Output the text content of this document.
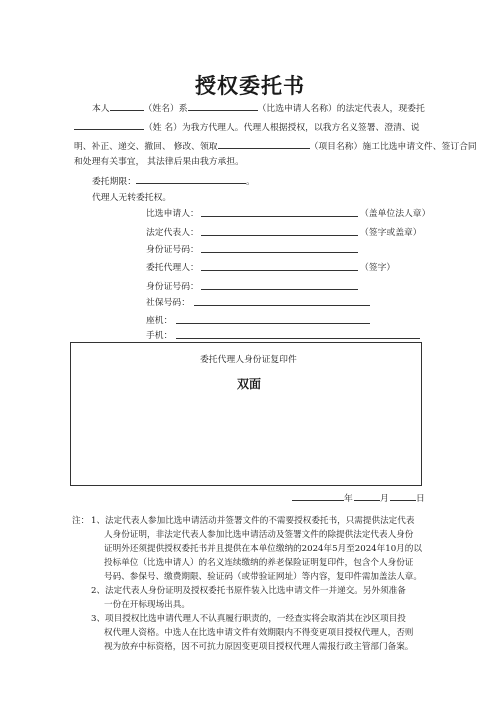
授权委托书
本人	（姓名）系	（比选申请人名称）的法定代表人，现委托
（姓 名）为我方代理人。代理人根据授权，以我方名义签署、澄清、说
明、补正、递交、撤回、 修改、领取	（项目名称）施工比选申请文件、签订合同
和处理有关事宜， 其法律后果由我方承担。
委托期限：	。
代理人无转委托权。
比选申请人：	（盖单位法人章）
法定代表人：	（签字或盖章）
身份证号码：
委托代理人：	（签字）
身份证号码：
社保号码：
座机：
手机：
委托代理人身份证复印件
双面
年	月	日
注： 1、法定代表人参加比选申请活动并签署文件的不需要授权委托书，只需提供法定代表
人身份证明，非法定代表人参加比选申请活动及签署文件的除提供法定代表人身份
证明外还须提供授权委托书并且提供在本单位缴纳的2024年5月至2024年10月的以
投标单位（比选申请人）的名义连续缴纳的养老保险证明复印件，包含个人身份证
号码、参保号、缴费期限、验证码（或带验证网址）等内容，复印件需加盖法人章。
2、法定代表人身份证明及授权委托书原件装入比选申请文件一并递交。另外须准备
一份在开标现场出具。
3、项目授权比选申请代理人不认真履行职责的，一经查实将会取消其在沙区项目投
权代理人资格。中选人在比选申请文件有效期限内不得变更项目授权代理人，否则
视为放弃中标资格，因不可抗力原因变更项目授权代理人需报行政主管部门备案。
